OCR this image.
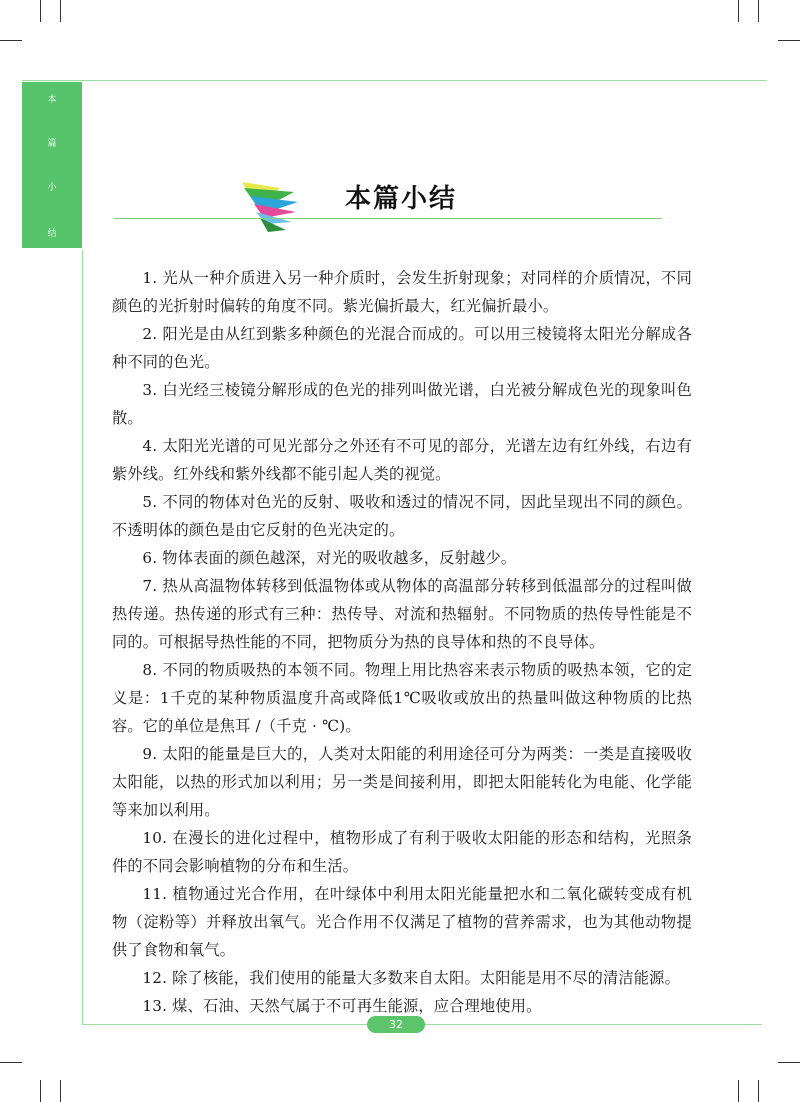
本
篇
小
结
本篇小结

1. 光从一种介质进入另一种介质时，会发生折射现象；对同样的介质情况，不同颜色的光折射时偏转的角度不同。紫光偏折最大，红光偏折最小。

2. 阳光是由从红到紫多种颜色的光混合而成的。可以用三棱镜将太阳光分解成各种不同的色光。

3. 白光经三棱镜分解形成的色光的排列叫做光谱，白光被分解成色光的现象叫色散。

4. 太阳光光谱的可见光部分之外还有不可见的部分，光谱左边有红外线，右边有紫外线。红外线和紫外线都不能引起人类的视觉。

5. 不同的物体对色光的反射、吸收和透过的情况不同，因此呈现出不同的颜色。不透明体的颜色是由它反射的色光决定的。

6. 物体表面的颜色越深，对光的吸收越多，反射越少。

7. 热从高温物体转移到低温物体或从物体的高温部分转移到低温部分的过程叫做热传递。热传递的形式有三种：热传导、对流和热辐射。不同物质的热传导性能是不同的。可根据导热性能的不同，把物质分为热的良导体和热的不良导体。

8. 不同的物质吸热的本领不同。物理上用比热容来表示物质的吸热本领，它的定义是：1千克的某种物质温度升高或降低1℃吸收或放出的热量叫做这种物质的比热容。它的单位是焦耳 /（千克 · ℃)。

9. 太阳的能量是巨大的，人类对太阳能的利用途径可分为两类：一类是直接吸收太阳能，以热的形式加以利用；另一类是间接利用，即把太阳能转化为电能、化学能等来加以利用。

10. 在漫长的进化过程中，植物形成了有利于吸收太阳能的形态和结构，光照条件的不同会影响植物的分布和生活。

11. 植物通过光合作用，在叶绿体中利用太阳光能量把水和二氧化碳转变成有机物（淀粉等）并释放出氧气。光合作用不仅满足了植物的营养需求，也为其他动物提供了食物和氧气。

12. 除了核能，我们使用的能量大多数来自太阳。太阳能是用不尽的清洁能源。

13. 煤、石油、天然气属于不可再生能源，应合理地使用。

32
